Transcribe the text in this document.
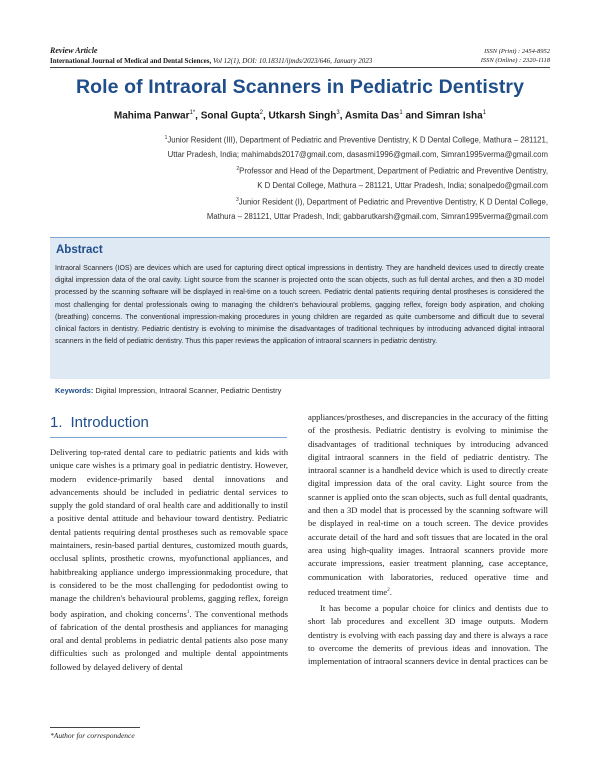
Review Article
International Journal of Medical and Dental Sciences, Vol 12(1), DOI: 10.18311/ijmds/2023/646, January 2023
ISSN (Print) : 2454-8952
ISSN (Online) : 2320-1118
Role of Intraoral Scanners in Pediatric Dentistry
Mahima Panwar$^{1*}$, Sonal Gupta$^2$, Utkarsh Singh$^3$, Asmita Das$^1$ and Simran Isha$^1$
$^1$Junior Resident (III), Department of Pediatric and Preventive Dentistry, K D Dental College, Mathura – 281121,
Uttar Pradesh, India; mahimabds2017@gmail.com, dasasmi1996@gmail.com, Simran1995verma@gmail.com
$^2$Professor and Head of the Department, Department of Pediatric and Preventive Dentistry,
K D Dental College, Mathura – 281121, Uttar Pradesh, India; sonalpedo@gmail.com
$^3$Junior Resident (I), Department of Pediatric and Preventive Dentistry, K D Dental College,
Mathura – 281121, Uttar Pradesh, Indi; gabbarutkarsh@gmail.com, Simran1995verma@gmail.com
Abstract
Intraoral Scanners (IOS) are devices which are used for capturing direct optical impressions in dentistry. They are handheld devices used to directly create digital impression data of the oral cavity. Light source from the scanner is projected onto the scan objects, such as full dental arches, and then a 3D model processed by the scanning software will be displayed in real-time on a touch screen. Pediatric dental patients requiring dental prostheses is considered the most challenging for dental professionals owing to managing the children's behavioural problems, gagging reflex, foreign body aspiration, and choking (breathing) concerns. The conventional impression-making procedures in young children are regarded as quite cumbersome and difficult due to several clinical factors in dentistry. Pediatric dentistry is evolving to minimise the disadvantages of traditional techniques by introducing advanced digital intraoral scanners in the field of pediatric dentistry. Thus this paper reviews the application of intraoral scanners in pediatric dentistry.
Keywords: Digital Impression, Intraoral Scanner, Pediatric Dentistry
1. Introduction

Delivering top-rated dental care to pediatric patients and kids with unique care wishes is a primary goal in pediatric dentistry. However, modern evidence-primarily based dental innovations and advancements should be included in pediatric dental services to supply the gold standard of oral health care and additionally to instil a positive dental attitude and behaviour toward dentistry. Pediatric dental patients requiring dental prostheses such as removable space maintainers, resin-based partial dentures, customized mouth guards, occlusal splints, prosthetic crowns, myofunctional appliances, and habitbreaking appliance undergo impressionmaking procedure, that is considered to be the most challenging for pedodontist owing to manage the children's behavioural problems, gagging reflex, foreign body aspiration, and choking concerns$^1$. The conventional methods of fabrication of the dental prosthesis and appliances for managing oral and dental problems in pediatric dental patients also pose many difficulties such as prolonged and multiple dental appointments followed by delayed delivery of dental

appliances/prostheses, and discrepancies in the accuracy of the fitting of the prosthesis. Pediatric dentistry is evolving to minimise the disadvantages of traditional techniques by introducing advanced digital intraoral scanners in the field of pediatric dentistry. The intraoral scanner is a handheld device which is used to directly create digital impression data of the oral cavity. Light source from the scanner is applied onto the scan objects, such as full dental quadrants, and then a 3D model that is processed by the scanning software will be displayed in real-time on a touch screen. The device provides accurate detail of the hard and soft tissues that are located in the oral area using high-quality images. Intraoral scanners provide more accurate impressions, easier treatment planning, case acceptance, communication with laboratories, reduced operative time and reduced treatment time$^2$.

It has become a popular choice for clinics and dentists due to short lab procedures and excellent 3D image outputs. Modern dentistry is evolving with each passing day and there is always a race to overcome the demerits of previous ideas and innovation. The implementation of intraoral scanners device in dental practices can be

*Author for correspondence
